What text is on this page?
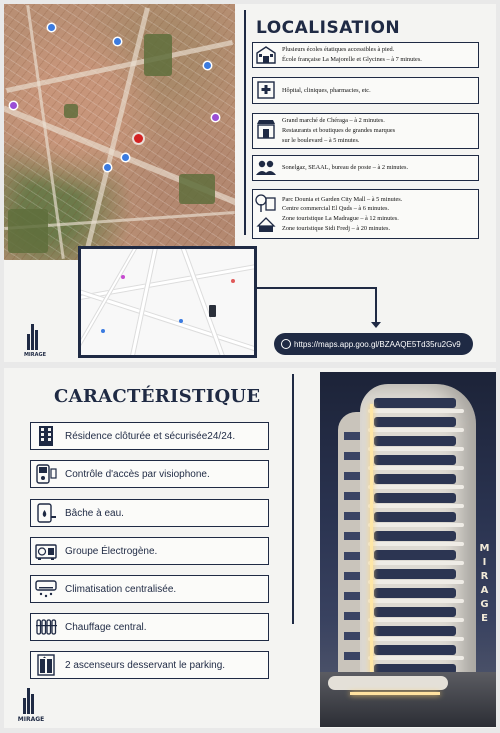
https://maps.app.goo.gl/BZAAQE5Td35ru2Gv9
LOCALISATION
Plusieurs écoles étatiques accessibles à pied.
École française La Majorelle et Glycines – à 7 minutes.
Hôpital, cliniques, pharmacies, etc.
Grand marché de Chéraga – à 2 minutes.
Restaurants et boutiques de grandes marques
sur le boulevard – à 5 minutes.
Sonelgaz, SEAAL, bureau de poste – à 2 minutes.
Parc Dounia et Garden City Mall – à 5 minutes.
Centre commercial El Quds – à 6 minutes.
Zone touristique La Madrague – à 12 minutes.
Zone touristique Sidi Fredj – à 20 minutes.
MIRAGE
CARACTÉRISTIQUE
Résidence clôturée et sécurisée24/24.
Contrôle d'accès par visiophone.
Bâche à eau.
Groupe Électrogène.
Climatisation centralisée.
Chauffage central.
2 ascenseurs desservant le parking.
MIRAGE
M
I
R
A
G
E
